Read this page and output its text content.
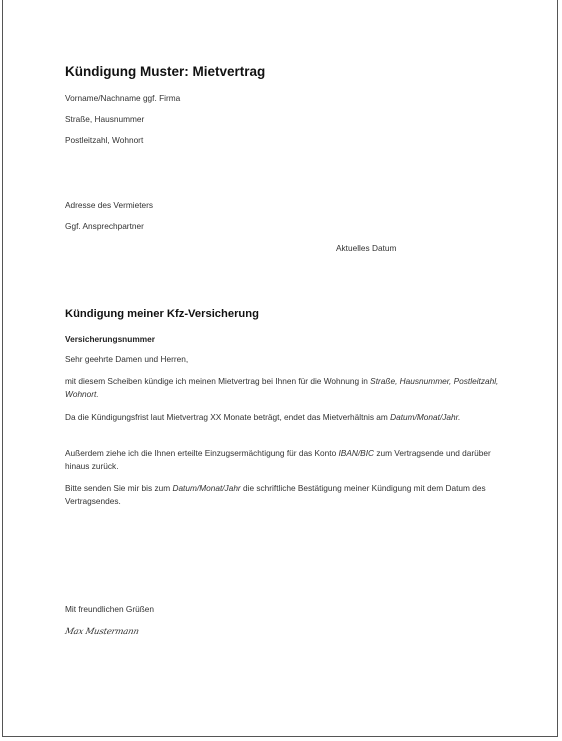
Kündigung Muster: Mietvertrag

Vorname/Nachname ggf. Firma

Straße, Hausnummer

Postleitzahl, Wohnort

Adresse des Vermieters

Ggf. Ansprechpartner

Aktuelles Datum

Kündigung meiner Kfz-Versicherung

Versicherungsnummer

Sehr geehrte Damen und Herren,

mit diesem Scheiben kündige ich meinen Mietvertrag bei Ihnen für die Wohnung in Straße, Hausnummer, Postleitzahl, Wohnort.

Da die Kündigungsfrist laut Mietvertrag XX Monate beträgt, endet das Mietverhältnis am Datum/Monat/Jahr.

Außerdem ziehe ich die Ihnen erteilte Einzugsermächtigung für das Konto IBAN/BIC zum Vertragsende und darüber hinaus zurück.

Bitte senden Sie mir bis zum Datum/Monat/Jahr die schriftliche Bestätigung meiner Kündigung mit dem Datum des Vertragsendes.

Mit freundlichen Grüßen

Max Mustermann
